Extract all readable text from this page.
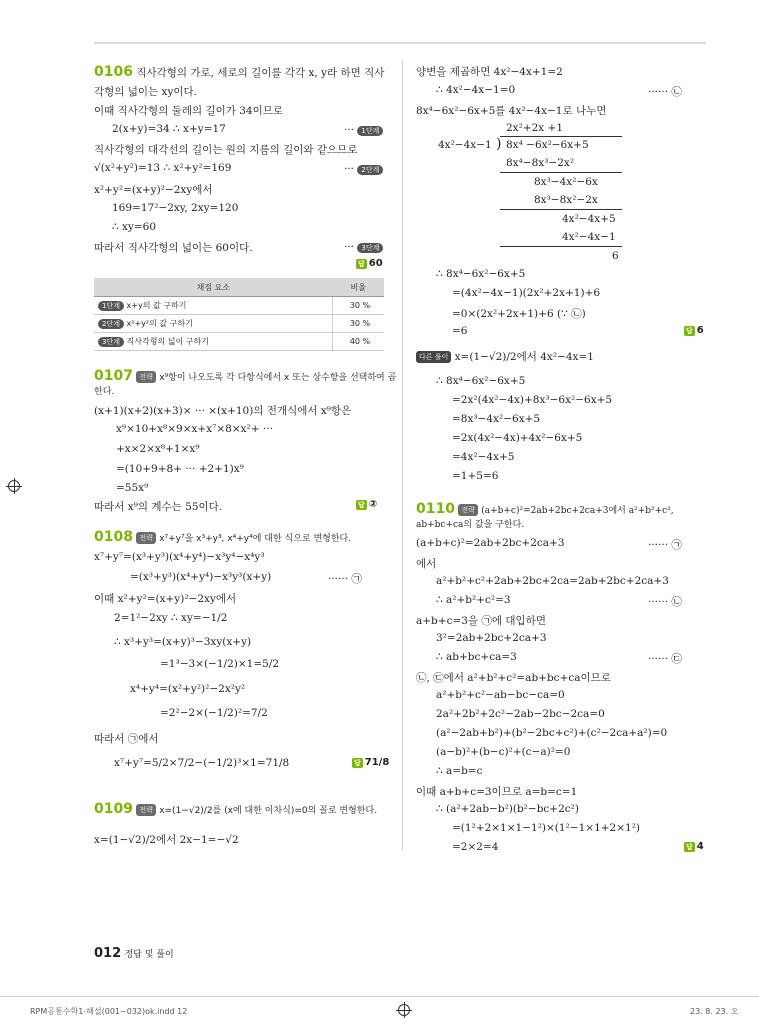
0106 직사각형의 가로, 세로의 길이를 각각 x, y라 하면 직사
각형의 넓이는 xy이다.
이때 직사각형의 둘레의 길이가 34이므로
2(x+y)=34 ∴ x+y=17	··· 1단계
직사각형의 대각선의 길이는 원의 지름의 길이와 같으므로
√(x²+y²)=13 ∴ x²+y²=169	··· 2단계
x²+y²=(x+y)²−2xy에서
169=17²−2xy, 2xy=120
∴ xy=60
따라서 직사각형의 넓이는 60이다.	··· 3단계
답 60
채점 요소	비율
1단계 x+y의 값 구하기	30 %
2단계 x²+y²의 값 구하기	30 %
3단계 직사각형의 넓이 구하기	40 %
0107 전략 x⁹항이 나오도록 각 다항식에서 x 또는 상수항을 선택하여 곱
한다.
(x+1)(x+2)(x+3)× ··· ×(x+10)의 전개식에서 x⁹항은
x⁹×10+x⁸×9×x+x⁷×8×x²+ ···
+x×2×x⁸+1×x⁹
=(10+9+8+ ··· +2+1)x⁹
=55x⁹
따라서 x⁹의 계수는 55이다.	답 ②
0108 전략 x⁷+y⁷을 x³+y³, x⁴+y⁴에 대한 식으로 변형한다.
x⁷+y⁷=(x³+y³)(x⁴+y⁴)−x³y⁴−x⁴y³
=(x³+y³)(x⁴+y⁴)−x³y³(x+y)	······ ㉠
이때 x²+y²=(x+y)²−2xy에서
2=1²−2xy ∴ xy=−1/2
∴ x³+y³=(x+y)³−3xy(x+y)
=1³−3×(−1/2)×1=5/2
x⁴+y⁴=(x²+y²)²−2x²y²
=2²−2×(−1/2)²=7/2
따라서 ㉠에서
x⁷+y⁷=5/2×7/2−(−1/2)³×1=71/8	답 71/8
0109 전략 x=(1−√2)/2를 (x에 대한 이차식)=0의 꼴로 변형한다.
x=(1−√2)/2에서 2x−1=−√2
012 정답 및 풀이
양변을 제곱하면 4x²−4x+1=2
∴ 4x²−4x−1=0	······ ㉡
8x⁴−6x²−6x+5를 4x²−4x−1로 나누면
2x²+2x +1
4x²−4x−1 ) 8x⁴ −6x²−6x+5
8x⁴−8x³−2x²
8x³−4x²−6x
8x³−8x²−2x
4x²−4x+5
4x²−4x−1
6
∴ 8x⁴−6x²−6x+5
=(4x²−4x−1)(2x²+2x+1)+6
=0×(2x²+2x+1)+6 (∵ ㉡)
=6	답 6
다른 풀이 x=(1−√2)/2에서 4x²−4x=1
∴ 8x⁴−6x²−6x+5
=2x²(4x²−4x)+8x³−6x²−6x+5
=8x³−4x²−6x+5
=2x(4x²−4x)+4x²−6x+5
=4x²−4x+5
=1+5=6
0110 전략 (a+b+c)²=2ab+2bc+2ca+3에서 a²+b²+c²,
ab+bc+ca의 값을 구한다.
(a+b+c)²=2ab+2bc+2ca+3	······ ㉠
에서
a²+b²+c²+2ab+2bc+2ca=2ab+2bc+2ca+3
∴ a²+b²+c²=3	······ ㉡
a+b+c=3을 ㉠에 대입하면
3²=2ab+2bc+2ca+3
∴ ab+bc+ca=3	······ ㉢
㉡, ㉢에서 a²+b²+c²=ab+bc+ca이므로
a²+b²+c²−ab−bc−ca=0
2a²+2b²+2c²−2ab−2bc−2ca=0
(a²−2ab+b²)+(b²−2bc+c²)+(c²−2ca+a²)=0
(a−b)²+(b−c)²+(c−a)²=0
∴ a=b=c
이때 a+b+c=3이므로 a=b=c=1
∴ (a²+2ab−b²)(b²−bc+2c²)
=(1²+2×1×1−1²)×(1²−1×1+2×1²)
=2×2=4	답 4
RPM공통수학1-해설(001~032)ok.indd 12	23. 8. 23. 오
